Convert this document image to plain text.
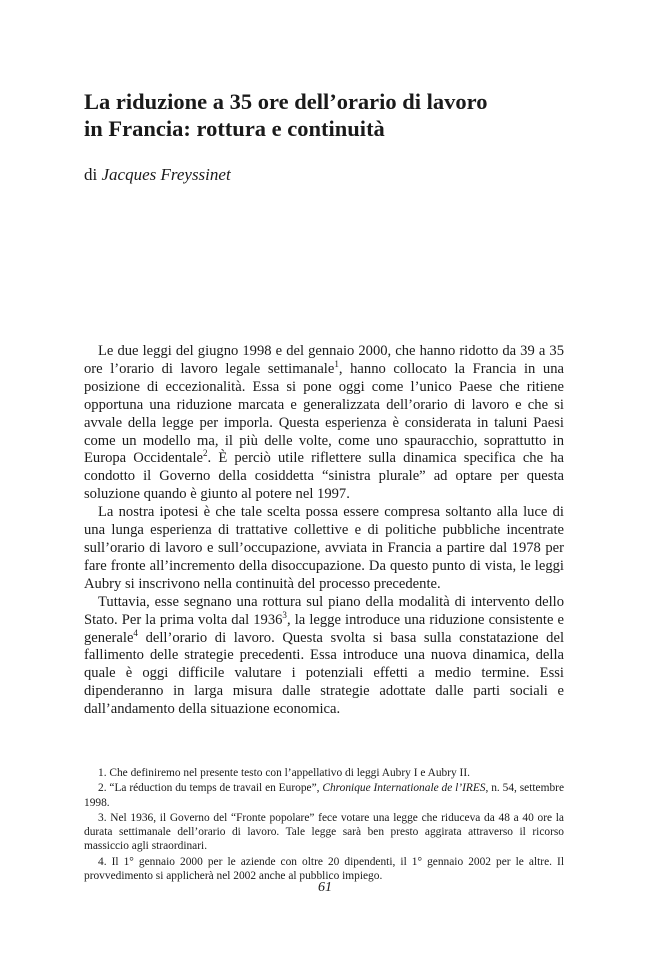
La riduzione a 35 ore dell’orario di lavoro
in Francia: rottura e continuità

di Jacques Freyssinet

Le due leggi del giugno 1998 e del gennaio 2000, che hanno ridotto da 39 a 35 ore l’orario di lavoro legale settimanale$^1$, hanno collocato la Francia in una posizione di eccezionalità. Essa si pone oggi come l’unico Paese che ritiene opportuna una riduzione marcata e generalizzata dell’orario di lavoro e che si avvale della legge per imporla. Questa esperienza è considerata in taluni Paesi come un modello ma, il più delle volte, come uno spauracchio, soprattutto in Europa Occidentale$^2$. È perciò utile riflettere sulla dinamica specifica che ha condotto il Governo della cosiddetta “sinistra plurale” ad optare per questa soluzione quando è giunto al potere nel 1997.

La nostra ipotesi è che tale scelta possa essere compresa soltanto alla luce di una lunga esperienza di trattative collettive e di politiche pubbliche incentrate sull’orario di lavoro e sull’occupazione, avviata in Francia a partire dal 1978 per fare fronte all’incremento della disoccupazione. Da questo punto di vista, le leggi Aubry si inscrivono nella continuità del processo precedente.

Tuttavia, esse segnano una rottura sul piano della modalità di intervento dello Stato. Per la prima volta dal 1936$^3$, la legge introduce una riduzione consistente e generale$^4$ dell’orario di lavoro. Questa svolta si basa sulla constatazione del fallimento delle strategie precedenti. Essa introduce una nuova dinamica, della quale è oggi difficile valutare i potenziali effetti a medio termine. Essi dipenderanno in larga misura dalle strategie adottate dalle parti sociali e dall’andamento della situazione economica.

1. Che definiremo nel presente testo con l’appellativo di leggi Aubry I e Aubry II.

2. “La réduction du temps de travail en Europe”, Chronique Internationale de l’IRES, n. 54, settembre 1998.

3. Nel 1936, il Governo del “Fronte popolare” fece votare una legge che riduceva da 48 a 40 ore la durata settimanale dell’orario di lavoro. Tale legge sarà ben presto aggirata attraverso il ricorso massiccio agli straordinari.

4. Il 1° gennaio 2000 per le aziende con oltre 20 dipendenti, il 1° gennaio 2002 per le altre. Il provvedimento si applicherà nel 2002 anche al pubblico impiego.

61
